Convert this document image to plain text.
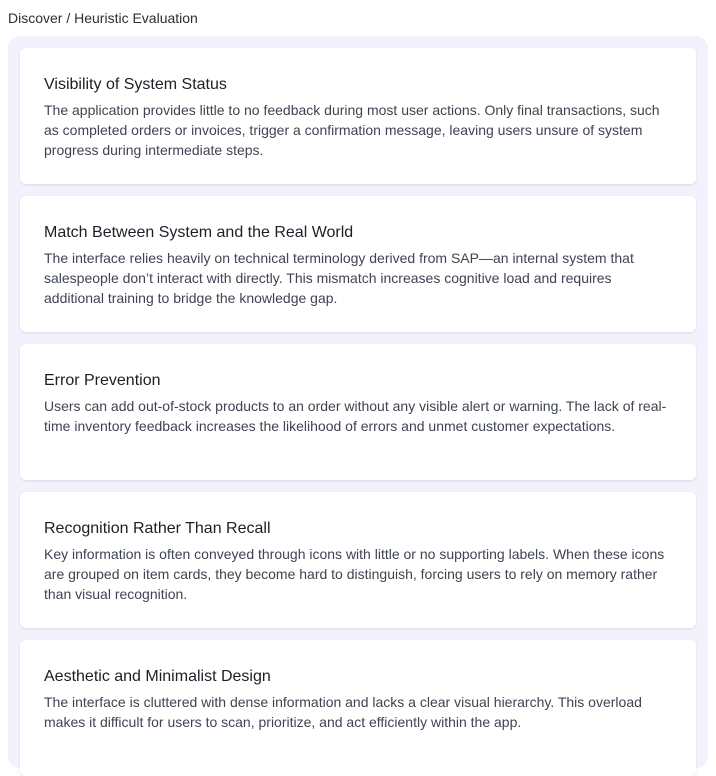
Discover / Heuristic Evaluation
Visibility of System Status

The application provides little to no feedback during most user actions. Only final transactions, such as completed orders or invoices, trigger a confirmation message, leaving users unsure of system progress during intermediate steps.

Match Between System and the Real World

The interface relies heavily on technical terminology derived from SAP—an internal system that salespeople don’t interact with directly. This mismatch increases cognitive load and requires additional training to bridge the knowledge gap.

Error Prevention

Users can add out-of-stock products to an order without any visible alert or warning. The lack of real-time inventory feedback increases the likelihood of errors and unmet customer expectations.

Recognition Rather Than Recall

Key information is often conveyed through icons with little or no supporting labels. When these icons are grouped on item cards, they become hard to distinguish, forcing users to rely on memory rather than visual recognition.

Aesthetic and Minimalist Design

The interface is cluttered with dense information and lacks a clear visual hierarchy. This overload makes it difficult for users to scan, prioritize, and act efficiently within the app.
